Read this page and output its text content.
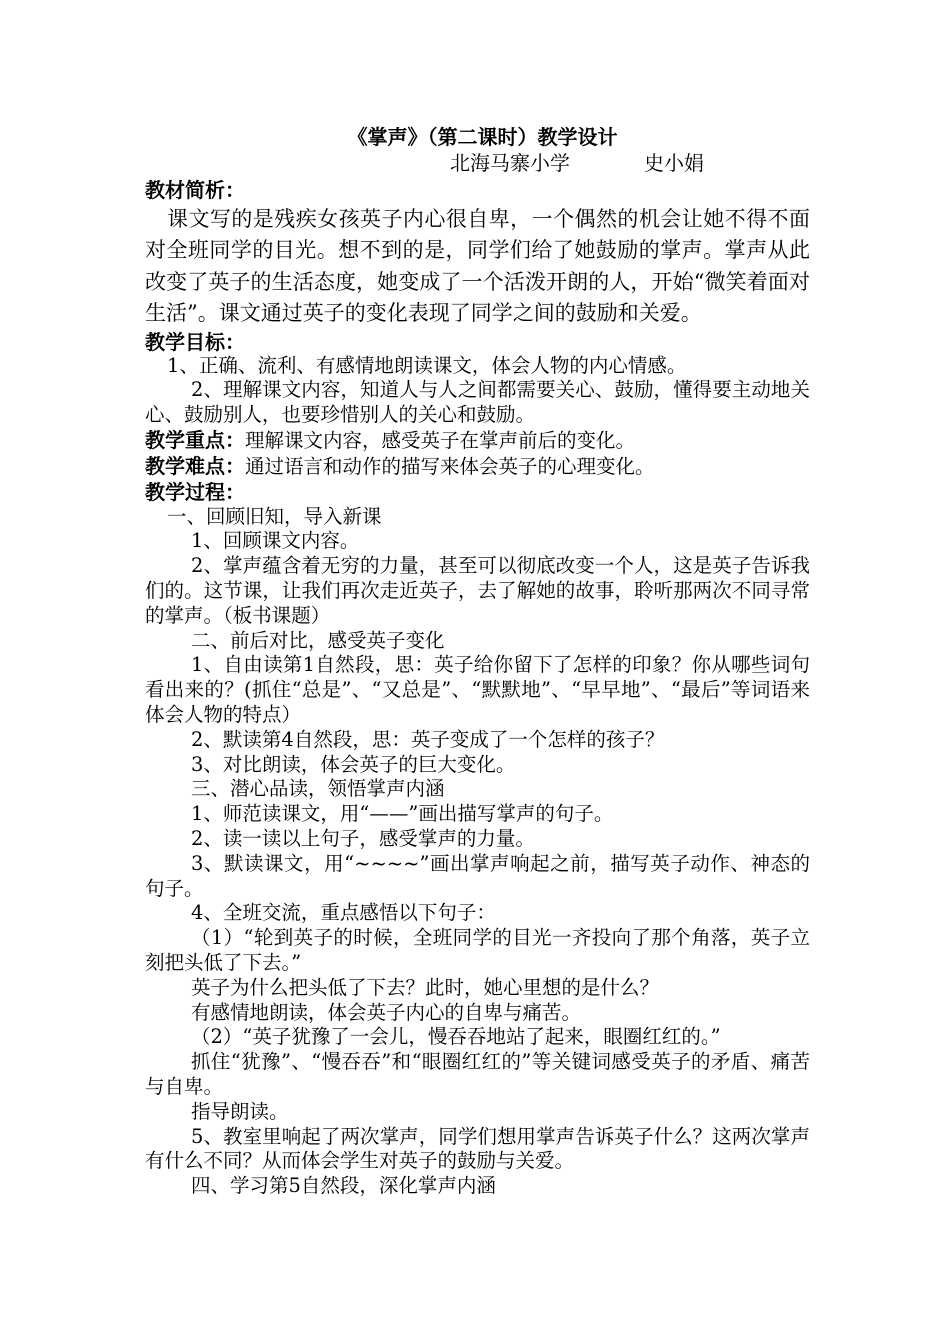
《掌声》（第二课时）教学设计
北海马寨小学	史小娟
教材简析：

课文写的是残疾女孩英子内心很自卑，一个偶然的机会让她不得不面对全班同学的目光。想不到的是，同学们给了她鼓励的掌声。掌声从此改变了英子的生活态度，她变成了一个活泼开朗的人，开始“微笑着面对生活”。课文通过英子的变化表现了同学之间的鼓励和关爱。

教学目标：

1、正确、流利、有感情地朗读课文，体会人物的内心情感。

2、理解课文内容，知道人与人之间都需要关心、鼓励，懂得要主动地关心、鼓励别人，也要珍惜别人的关心和鼓励。

教学重点：理解课文内容，感受英子在掌声前后的变化。

教学难点：通过语言和动作的描写来体会英子的心理变化。

教学过程：

一、回顾旧知，导入新课

1、回顾课文内容。

2、掌声蕴含着无穷的力量，甚至可以彻底改变一个人，这是英子告诉我们的。这节课，让我们再次走近英子，去了解她的故事，聆听那两次不同寻常的掌声。（板书课题）

二、前后对比，感受英子变化

1、自由读第1自然段，思：英子给你留下了怎样的印象？你从哪些词句看出来的？(抓住“总是”、“又总是”、“默默地”、“早早地”、“最后”等词语来体会人物的特点）

2、默读第4自然段，思：英子变成了一个怎样的孩子？

3、对比朗读，体会英子的巨大变化。

三、潜心品读，领悟掌声内涵

1、师范读课文，用“——”画出描写掌声的句子。

2、读一读以上句子，感受掌声的力量。

3、默读课文，用“~~~~”画出掌声响起之前，描写英子动作、神态的句子。

4、全班交流，重点感悟以下句子：

（1）“轮到英子的时候，全班同学的目光一齐投向了那个角落，英子立刻把头低了下去。”

英子为什么把头低了下去？此时，她心里想的是什么？

有感情地朗读，体会英子内心的自卑与痛苦。

（2）“英子犹豫了一会儿，慢吞吞地站了起来，眼圈红红的。”

抓住“犹豫”、“慢吞吞”和“眼圈红红的”等关键词感受英子的矛盾、痛苦与自卑。

指导朗读。

5、教室里响起了两次掌声，同学们想用掌声告诉英子什么？这两次掌声有什么不同？从而体会学生对英子的鼓励与关爱。

四、学习第5自然段，深化掌声内涵
